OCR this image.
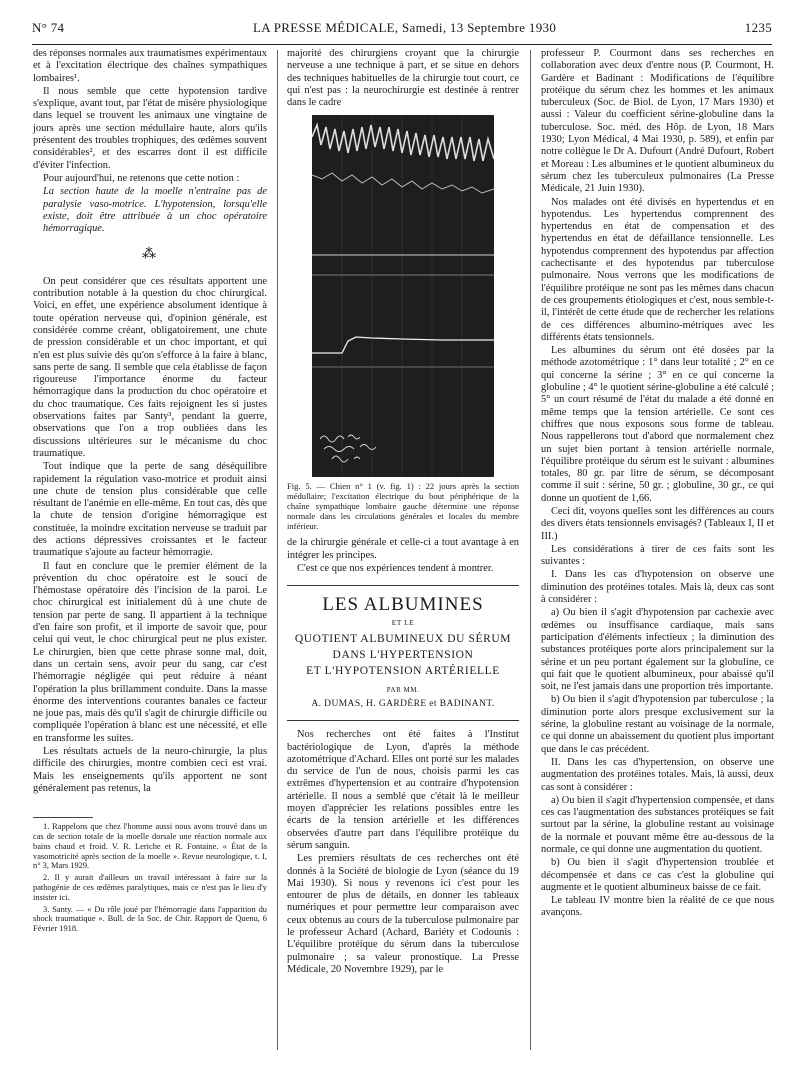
N° 74	LA PRESSE MÉDICALE, Samedi, 13 Septembre 1930	1235

des réponses normales aux traumatismes expérimentaux et à l'excitation électrique des chaînes sympathiques lombaires¹.

Il nous semble que cette hypotension tardive s'explique, avant tout, par l'état de misère physiologique dans lequel se trouvent les animaux une vingtaine de jours après une section médullaire haute, alors qu'ils présentent des troubles trophiques, des œdèmes souvent considérables², et des escarres dont il est difficile d'éviter l'infection.

Pour aujourd'hui, ne retenons que cette notion :

La section haute de la moelle n'entraîne pas de paralysie vaso-motrice. L'hypotension, lorsqu'elle existe, doit être attribuée à un choc opératoire hémorragique.

⁂

On peut considérer que ces résultats apportent une contribution notable à la question du choc chirurgical. Voici, en effet, une expérience absolument identique à toute opération nerveuse qui, d'opinion générale, est considérée comme créant, obligatoirement, une chute de pression considérable et un choc important, et qui n'en est plus suivie dès qu'on s'efforce à la faire à blanc, sans perte de sang. Il semble que cela établisse de façon rigoureuse l'importance énorme du facteur hémorragique dans la production du choc opératoire et du choc traumatique. Ces faits rejoignent les si justes observations faites par Santy³, pendant la guerre, observations que l'on a trop oubliées dans les discussions ultérieures sur le mécanisme du choc traumatique.

Tout indique que la perte de sang déséquilibre rapidement la régulation vaso-motrice et produit ainsi une chute de tension plus considérable que celle résultant de l'anémie en elle-même. En tout cas, dès que la chute de tension d'origine hémorragique est constituée, la moindre excitation nerveuse se traduit par des actions dépressives croissantes et le facteur traumatique s'ajoute au facteur hémorragie.

Il faut en conclure que le premier élément de la prévention du choc opératoire est le souci de l'hémostase opératoire dès l'incision de la paroi. Le choc chirurgical est initialement dû à une chute de tension par perte de sang. Il appartient à la technique d'en faire son profit, et il importe de savoir que, pour celui qui veut, le choc chirurgical peut ne plus exister. Le chirurgien, bien que cette phrase sonne mal, doit, dans un certain sens, avoir peur du sang, car c'est l'hémorragie négligée qui peut réduire à néant l'opération la plus brillamment conduite. Dans la masse énorme des interventions courantes banales ce facteur ne joue pas, mais dès qu'il s'agit de chirurgie difficile ou compliquée l'opération à blanc est une nécessité, et elle en transforme les suites.

Les résultats actuels de la neuro-chirurgie, la plus difficile des chirurgies, montre combien ceci est vrai. Mais les enseignements qu'ils apportent ne sont généralement pas retenus, la

1. Rappelons que chez l'homme aussi nous avons trouvé dans un cas de section totale de la moelle dorsale une réaction normale aux bains chaud et froid. V. R. Leriche et R. Fontaine. « État de la vasomotricité après section de la moelle ». Revue neurologique, t. I, n° 3, Mars 1929.

2. Il y aurait d'ailleurs un travail intéressant à faire sur la pathogénie de ces œdèmes paralytiques, mais ce n'est pas le lieu d'y insister ici.

3. Santy. — « Du rôle joué par l'hémorragie dans l'apparition du shock traumatique ». Bull. de la Soc. de Chir. Rapport de Quenu, 6 Février 1918.

majorité des chirurgiens croyant que la chirurgie nerveuse a une technique à part, et se situe en dehors des techniques habituelles de la chirurgie tout court, ce qui n'est pas : la neurochirurgie est destinée à rentrer dans le cadre

Fig. 5. — Chien n° 1 (v. fig. 1) : 22 jours après la section médullaire; l'excitation électrique du bout périphérique de la chaîne sympathique lombaire gauche détermine une réponse normale dans les circulations générales et locales du membre inférieur.

de la chirurgie générale et celle-ci a tout avantage à en intégrer les principes.

C'est ce que nos expériences tendent à montrer.

LES ALBUMINES
ET LE
QUOTIENT ALBUMINEUX DU SÉRUM
DANS L'HYPERTENSION
ET L'HYPOTENSION ARTÉRIELLE
PAR MM.
A. DUMAS, H. GARDÈRE et BADINANT.

Nos recherches ont été faites à l'Institut bactériologique de Lyon, d'après la méthode azotométrique d'Achard. Elles ont porté sur les malades du service de l'un de nous, choisis parmi les cas extrêmes d'hypertension et au contraire d'hypotension artérielle. Il nous a semblé que c'était là le meilleur moyen d'apprécier les relations possibles entre les écarts de la tension artérielle et les différences observées d'autre part dans l'équilibre protéique du sérum sanguin.

Les premiers résultats de ces recherches ont été donnés à la Société de biologie de Lyon (séance du 19 Mai 1930). Si nous y revenons ici c'est pour les entourer de plus de détails, en donner les tableaux numériques et pour permettre leur comparaison avec ceux obtenus au cours de la tuberculose pulmonaire par le professeur Achard (Achard, Bariéty et Codounis : L'équilibre protéique du sérum dans la tuberculose pulmonaire ; sa valeur pronostique. La Presse Médicale, 20 Novembre 1929), par le

professeur P. Courmont dans ses recherches en collaboration avec deux d'entre nous (P. Courmont, H. Gardère et Badinant : Modifications de l'équilibre protéique du sérum chez les hommes et les animaux tuberculeux (Soc. de Biol. de Lyon, 17 Mars 1930) et aussi : Valeur du coefficient sérine-globuline dans la tuberculose. Soc. méd. des Hôp. de Lyon, 18 Mars 1930; Lyon Médical, 4 Mai 1930, p. 589), et enfin par notre collègue le Dr A. Dufourt (André Dufourt, Robert et Moreau : Les albumines et le quotient albumineux du sérum chez les tuberculeux pulmonaires (La Presse Médicale, 21 Juin 1930).

Nos malades ont été divisés en hypertendus et en hypotendus. Les hypertendus comprennent des hypertendus en état de compensation et des hypertendus en état de défaillance tensionnelle. Les hypotendus comprennent des hypotendus par affection cachectisante et des hypotendus par tuberculose pulmonaire. Nous verrons que les modifications de l'équilibre protéique ne sont pas les mêmes dans chacun de ces groupements étiologiques et c'est, nous semble-t-il, l'intérêt de cette étude que de rechercher les relations de ces différences albumino-métriques avec les différents états tensionnels.

Les albumines du sérum ont été dosées par la méthode azotométrique : 1° dans leur totalité ; 2° en ce qui concerne la sérine ; 3° en ce qui concerne la globuline ; 4° le quotient sérine-globuline a été calculé ; 5° un court résumé de l'état du malade a été donné en même temps que la tension artérielle. Ce sont ces chiffres que nous exposons sous forme de tableau. Nous rappellerons tout d'abord que normalement chez un sujet bien portant à tension artérielle normale, l'équilibre protéique du sérum est le suivant : albumines totales, 80 gr. par litre de sérum, se décomposant comme il suit : sérine, 50 gr. ; globuline, 30 gr., ce qui donne un quotient de 1,66.

Ceci dit, voyons quelles sont les différences au cours des divers états tensionnels envisagés? (Tableaux I, II et III.)

Les considérations à tirer de ces faits sont les suivantes :

I. Dans les cas d'hypotension on observe une diminution des protéines totales. Mais là, deux cas sont à considérer :

a) Ou bien il s'agit d'hypotension par cachexie avec œdèmes ou insuffisance cardiaque, mais sans participation d'éléments infectieux ; la diminution des substances protéiques porte alors principalement sur la sérine et un peu portant également sur la globuline, ce qui fait que le quotient albumineux, pour abaissé qu'il soit, ne l'est jamais dans une proportion très importante.

b) Ou bien il s'agit d'hypotension par tuberculose ; la diminution porte alors presque exclusivement sur la sérine, la globuline restant au voisinage de la normale, ce qui donne un abaissement du quotient plus important que dans le cas précédent.

II. Dans les cas d'hypertension, on observe une augmentation des protéines totales. Mais, là aussi, deux cas sont à considérer :

a) Ou bien il s'agit d'hypertension compensée, et dans ces cas l'augmentation des substances protéiques se fait surtout par la sérine, la globuline restant au voisinage de la normale et pouvant même être au-dessous de la normale, ce qui donne une augmentation du quotient.

b) Ou bien il s'agit d'hypertension troublée et décompensée et dans ce cas c'est la globuline qui augmente et le quotient albumineux baisse de ce fait.

Le tableau IV montre bien la réalité de ce que nous avançons.
